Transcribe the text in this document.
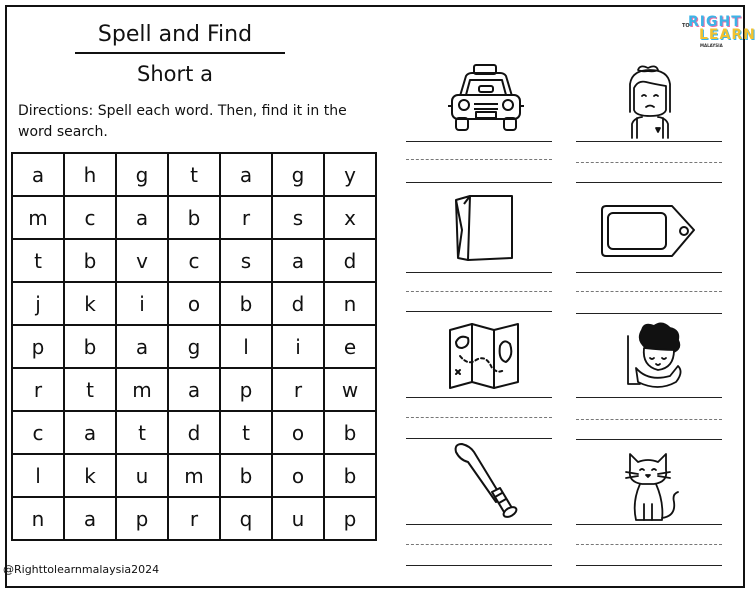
Spell and Find
Short a
Directions: Spell each word. Then, find it in the word search.
RIGHT
TO
LEARN
MALAYSIA
a	h	g	t	a	g	y
m	c	a	b	r	s	x
t	b	v	c	s	a	d
j	k	i	o	b	d	n
p	b	a	g	l	i	e
r	t	m	a	p	r	w
c	a	t	d	t	o	b
l	k	u	m	b	o	b
n	a	p	r	q	u	p
@Righttolearnmalaysia2024
